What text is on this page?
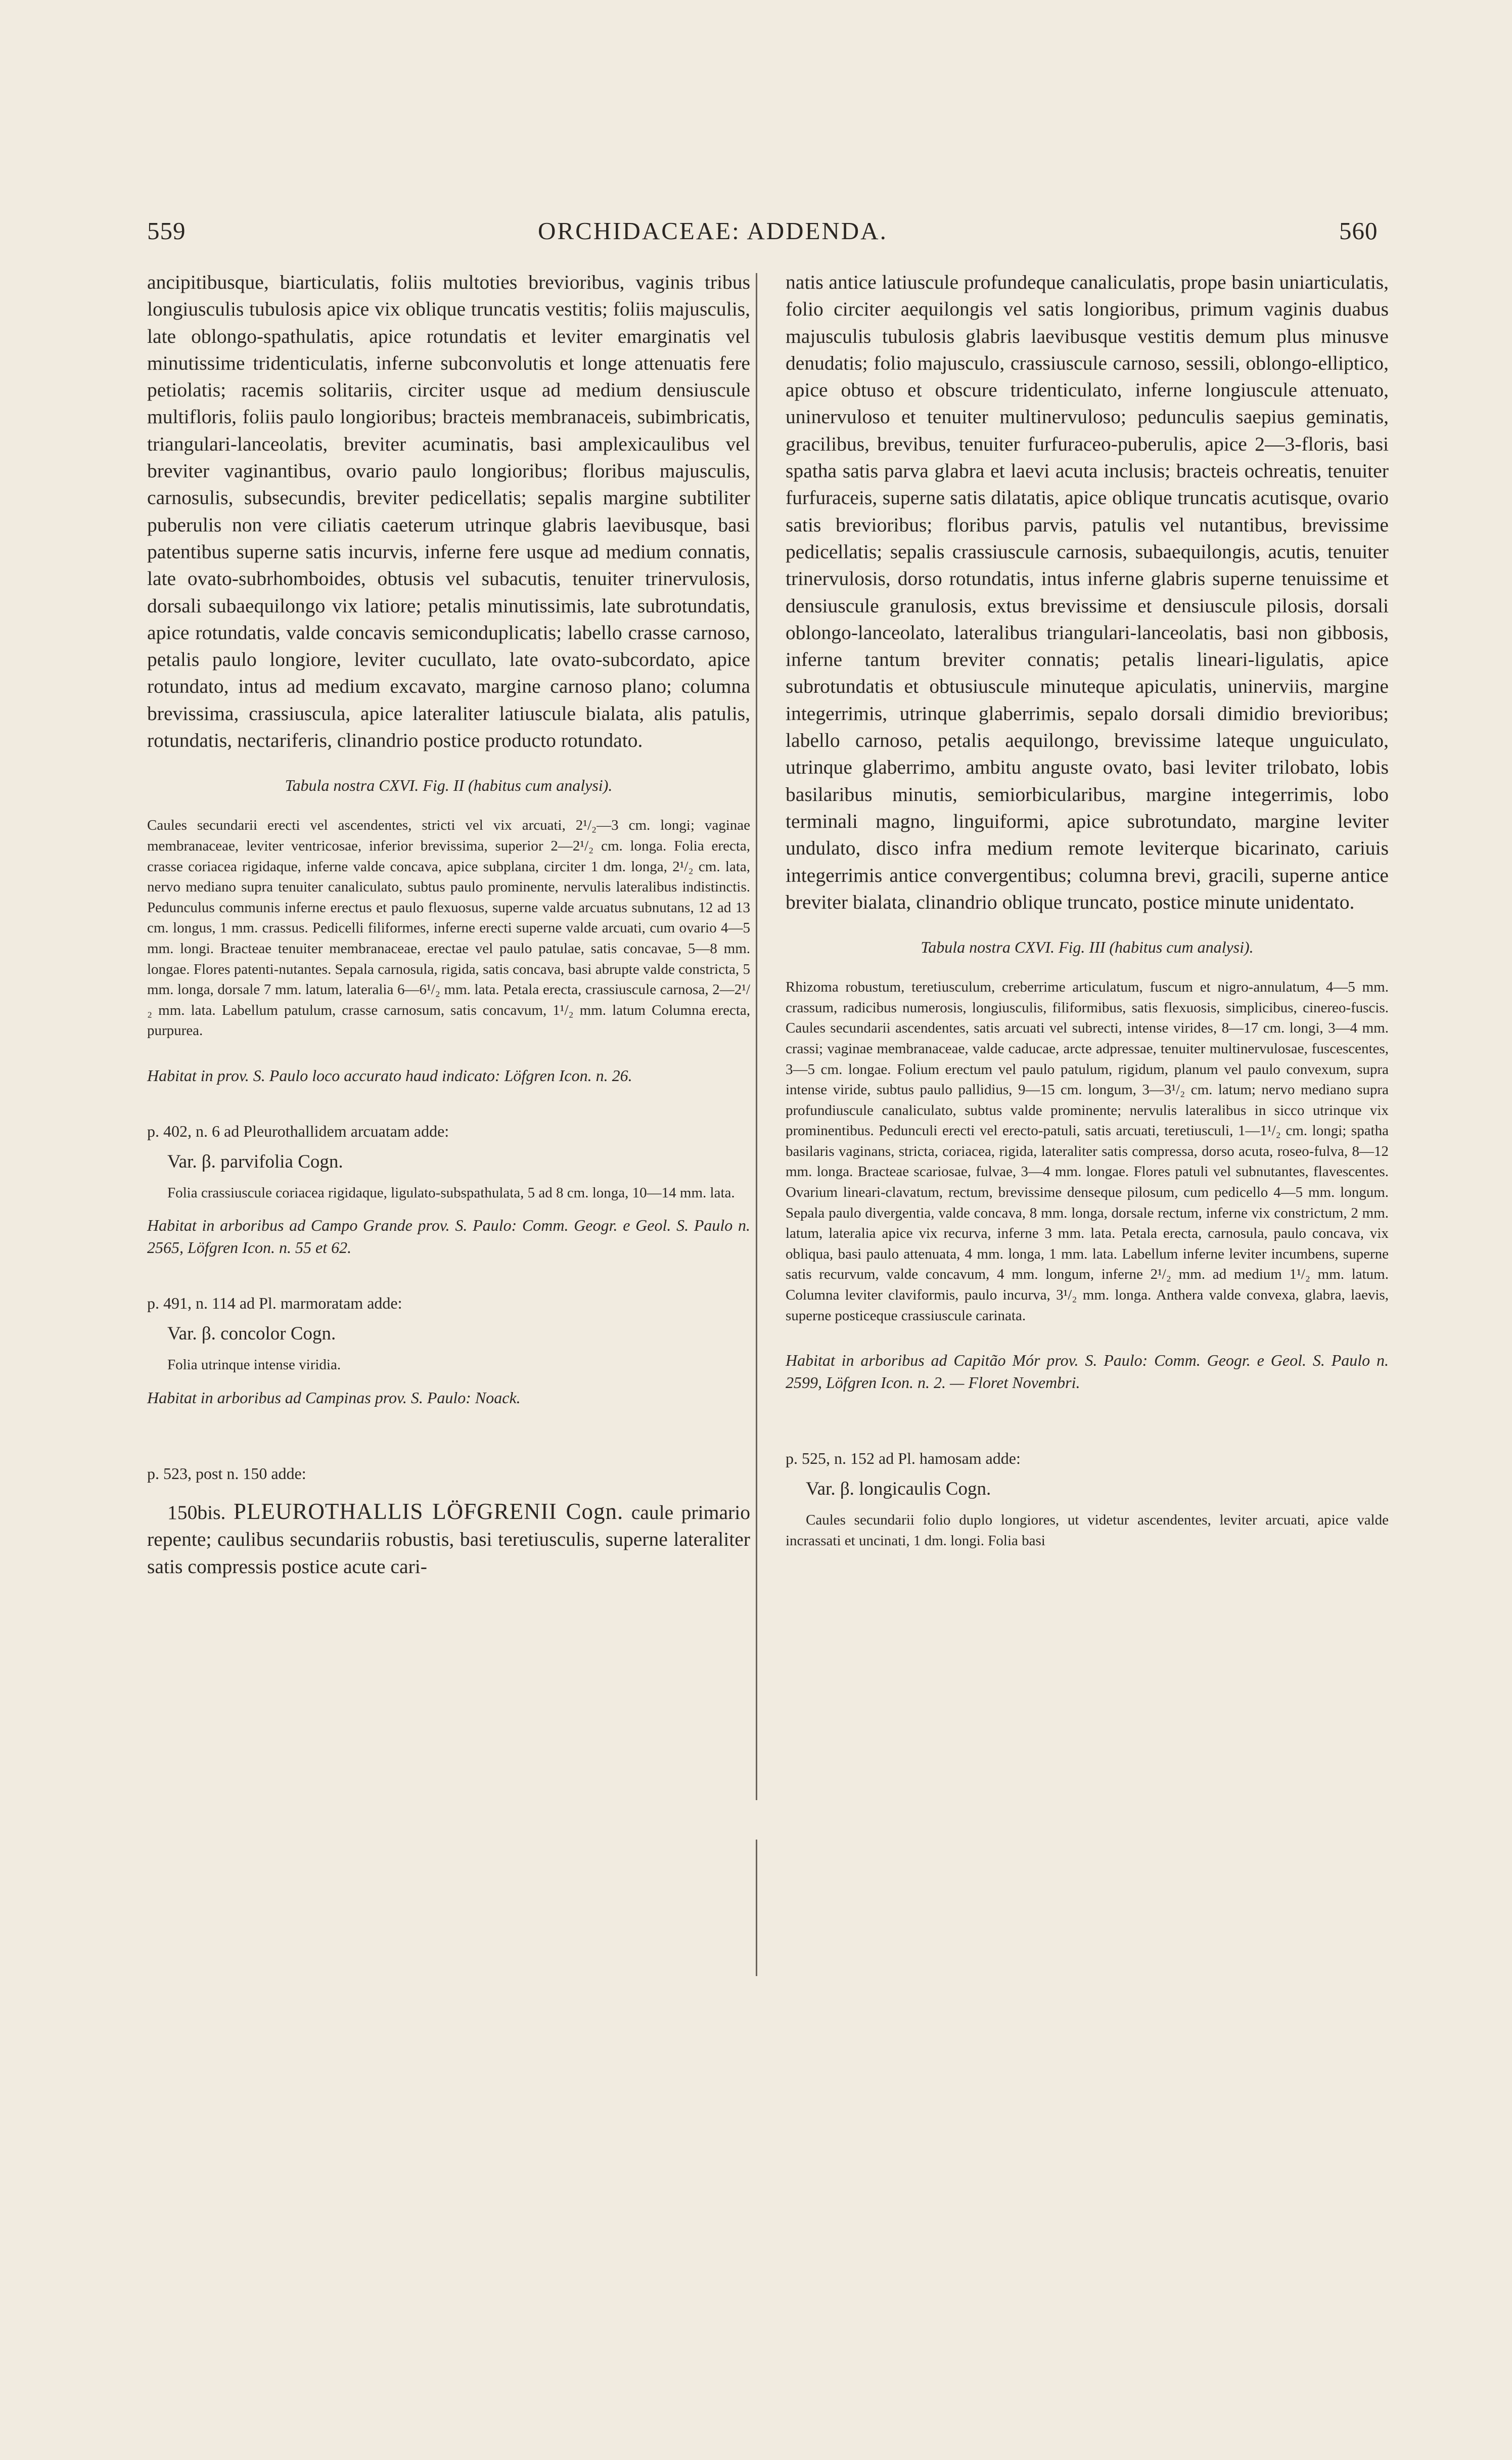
559	ORCHIDACEAE: ADDENDA.	560

ancipitibusque, biarticulatis, foliis multoties brevioribus, vaginis tribus longiusculis tubulosis apice vix oblique truncatis vestitis; foliis majusculis, late oblongo-spathulatis, apice rotundatis et leviter emarginatis vel minutissime tridenticulatis, inferne subconvolutis et longe attenuatis fere petiolatis; racemis solitariis, circiter usque ad medium densiuscule multifloris, foliis paulo longioribus; bracteis membranaceis, subimbricatis, triangulari-lanceolatis, breviter acuminatis, basi amplexicaulibus vel breviter vaginantibus, ovario paulo longioribus; floribus majusculis, carnosulis, subsecundis, breviter pedicellatis; sepalis margine subtiliter puberulis non vere ciliatis caeterum utrinque glabris laevibusque, basi patentibus superne satis incurvis, inferne fere usque ad medium connatis, late ovato-subrhomboides, obtusis vel subacutis, tenuiter trinervulosis, dorsali subaequilongo vix latiore; petalis minutissimis, late subrotundatis, apice rotundatis, valde concavis semiconduplicatis; labello crasse carnoso, petalis paulo longiore, leviter cucullato, late ovato-subcordato, apice rotundato, intus ad medium excavato, margine carnoso plano; columna brevissima, crassiuscula, apice lateraliter latiuscule bialata, alis patulis, rotundatis, nectariferis, clinandrio postice producto rotundato.

Tabula nostra CXVI. Fig. II (habitus cum analysi).

Caules secundarii erecti vel ascendentes, stricti vel vix arcuati, 2¹/₂—3 cm. longi; vaginae membranaceae, leviter ventricosae, inferior brevissima, superior 2—2¹/₂ cm. longa. Folia erecta, crasse coriacea rigidaque, inferne valde concava, apice subplana, circiter 1 dm. longa, 2¹/₂ cm. lata, nervo mediano supra tenuiter canaliculato, subtus paulo prominente, nervulis lateralibus indistinctis. Pedunculus communis inferne erectus et paulo flexuosus, superne valde arcuatus subnutans, 12 ad 13 cm. longus, 1 mm. crassus. Pedicelli filiformes, inferne erecti superne valde arcuati, cum ovario 4—5 mm. longi. Bracteae tenuiter membranaceae, erectae vel paulo patulae, satis concavae, 5—8 mm. longae. Flores patenti-nutantes. Sepala carnosula, rigida, satis concava, basi abrupte valde constricta, 5 mm. longa, dorsale 7 mm. latum, lateralia 6—6¹/₂ mm. lata. Petala erecta, crassiuscule carnosa, 2—2¹/₂ mm. lata. Labellum patulum, crasse carnosum, satis concavum, 1¹/₂ mm. latum Columna erecta, purpurea.

Habitat in prov. S. Paulo loco accurato haud indicato: Löfgren Icon. n. 26.

p. 402, n. 6 ad Pleurothallidem arcuatam adde:

Var. β. parvifolia Cogn.

Folia crassiuscule coriacea rigidaque, ligulato-subspathulata, 5 ad 8 cm. longa, 10—14 mm. lata.

Habitat in arboribus ad Campo Grande prov. S. Paulo: Comm. Geogr. e Geol. S. Paulo n. 2565, Löfgren Icon. n. 55 et 62.

p. 491, n. 114 ad Pl. marmoratam adde:

Var. β. concolor Cogn.

Folia utrinque intense viridia.

Habitat in arboribus ad Campinas prov. S. Paulo: Noack.

p. 523, post n. 150 adde:

150bis. PLEUROTHALLIS LÖFGRENII Cogn. caule primario repente; caulibus secundariis robustis, basi teretiusculis, superne lateraliter satis compressis postice acute cari-

natis antice latiuscule profundeque canaliculatis, prope basin uniarticulatis, folio circiter aequilongis vel satis longioribus, primum vaginis duabus majusculis tubulosis glabris laevibusque vestitis demum plus minusve denudatis; folio majusculo, crassiuscule carnoso, sessili, oblongo-elliptico, apice obtuso et obscure tridenticulato, inferne longiuscule attenuato, uninervuloso et tenuiter multinervuloso; pedunculis saepius geminatis, gracilibus, brevibus, tenuiter furfuraceo-puberulis, apice 2—3-floris, basi spatha satis parva glabra et laevi acuta inclusis; bracteis ochreatis, tenuiter furfuraceis, superne satis dilatatis, apice oblique truncatis acutisque, ovario satis brevioribus; floribus parvis, patulis vel nutantibus, brevissime pedicellatis; sepalis crassiuscule carnosis, subaequilongis, acutis, tenuiter trinervulosis, dorso rotundatis, intus inferne glabris superne tenuissime et densiuscule granulosis, extus brevissime et densiuscule pilosis, dorsali oblongo-lanceolato, lateralibus triangulari-lanceolatis, basi non gibbosis, inferne tantum breviter connatis; petalis lineari-ligulatis, apice subrotundatis et obtusiuscule minuteque apiculatis, uninerviis, margine integerrimis, utrinque glaberrimis, sepalo dorsali dimidio brevioribus; labello carnoso, petalis aequilongo, brevissime lateque unguiculato, utrinque glaberrimo, ambitu anguste ovato, basi leviter trilobato, lobis basilaribus minutis, semiorbicularibus, margine integerrimis, lobo terminali magno, linguiformi, apice subrotundato, margine leviter undulato, disco infra medium remote leviterque bicarinato, cariuis integerrimis antice convergentibus; columna brevi, gracili, superne antice breviter bialata, clinandrio oblique truncato, postice minute unidentato.

Tabula nostra CXVI. Fig. III (habitus cum analysi).

Rhizoma robustum, teretiusculum, creberrime articulatum, fuscum et nigro-annulatum, 4—5 mm. crassum, radicibus numerosis, longiusculis, filiformibus, satis flexuosis, simplicibus, cinereo-fuscis. Caules secundarii ascendentes, satis arcuati vel subrecti, intense virides, 8—17 cm. longi, 3—4 mm. crassi; vaginae membranaceae, valde caducae, arcte adpressae, tenuiter multinervulosae, fuscescentes, 3—5 cm. longae. Folium erectum vel paulo patulum, rigidum, planum vel paulo convexum, supra intense viride, subtus paulo pallidius, 9—15 cm. longum, 3—3¹/₂ cm. latum; nervo mediano supra profundiuscule canaliculato, subtus valde prominente; nervulis lateralibus in sicco utrinque vix prominentibus. Pedunculi erecti vel erecto-patuli, satis arcuati, teretiusculi, 1—1¹/₂ cm. longi; spatha basilaris vaginans, stricta, coriacea, rigida, lateraliter satis compressa, dorso acuta, roseo-fulva, 8—12 mm. longa. Bracteae scariosae, fulvae, 3—4 mm. longae. Flores patuli vel subnutantes, flavescentes. Ovarium lineari-clavatum, rectum, brevissime denseque pilosum, cum pedicello 4—5 mm. longum. Sepala paulo divergentia, valde concava, 8 mm. longa, dorsale rectum, inferne vix constrictum, 2 mm. latum, lateralia apice vix recurva, inferne 3 mm. lata. Petala erecta, carnosula, paulo concava, vix obliqua, basi paulo attenuata, 4 mm. longa, 1 mm. lata. Labellum inferne leviter incumbens, superne satis recurvum, valde concavum, 4 mm. longum, inferne 2¹/₂ mm. ad medium 1¹/₂ mm. latum. Columna leviter claviformis, paulo incurva, 3¹/₂ mm. longa. Anthera valde convexa, glabra, laevis, superne posticeque crassiuscule carinata.

Habitat in arboribus ad Capitão Mór prov. S. Paulo: Comm. Geogr. e Geol. S. Paulo n. 2599, Löfgren Icon. n. 2. — Floret Novembri.

p. 525, n. 152 ad Pl. hamosam adde:

Var. β. longicaulis Cogn.

Caules secundarii folio duplo longiores, ut videtur ascendentes, leviter arcuati, apice valde incrassati et uncinati, 1 dm. longi. Folia basi
